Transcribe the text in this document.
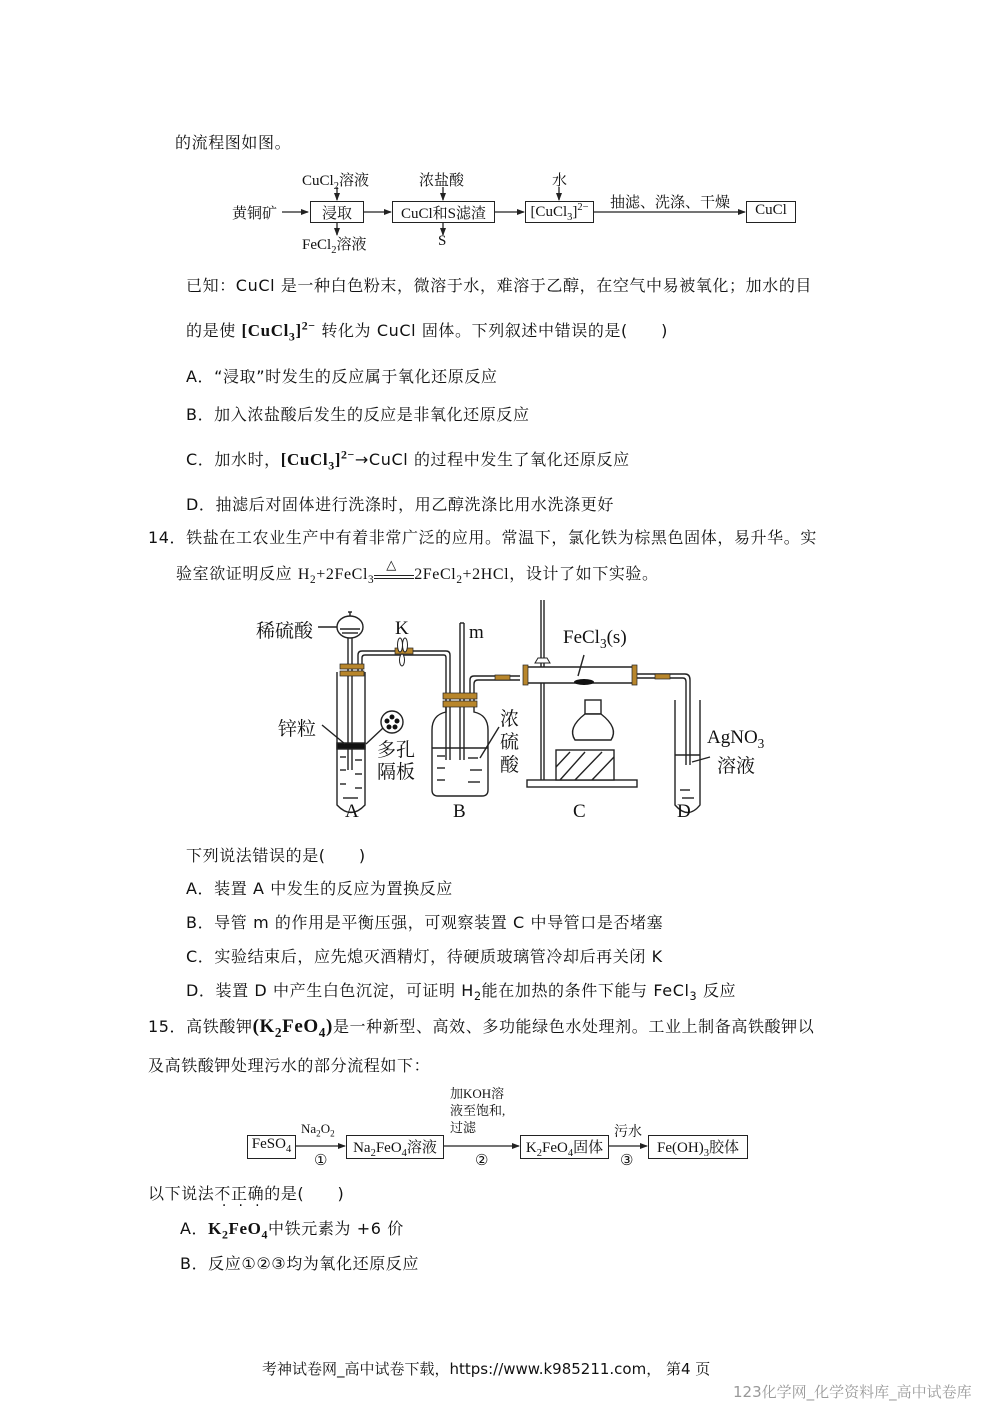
的流程图如图。
黄铜矿
CuCl$_2$溶液
浸取
FeCl$_2$溶液
浓盐酸
CuCl和S滤渣
S
水
[CuCl$_3$]$^{2-}$	抽滤、洗涤、干燥	CuCl
已知：CuCl 是一种白色粉末，微溶于水，难溶于乙醇，在空气中易被氧化；加水的目
的是使 [CuCl$_3$]$^{2-}$ 转化为 CuCl 固体。下列叙述中错误的是(　　)
A．“浸取”时发生的反应属于氧化还原反应
B．加入浓盐酸后发生的反应是非氧化还原反应
C．加水时，[CuCl$_3$]$^{2-}$→CuCl 的过程中发生了氧化还原反应
D．抽滤后对固体进行洗涤时，用乙醇洗涤比用水洗涤更好
14．铁盐在工农业生产中有着非常广泛的应用。常温下，氯化铁为棕黑色固体，易升华。实
验室欲证明反应 $H_2+2FeCl_3$
△
2FeCl$_2$+2HCl，设计了如下实验。
稀硫酸	K	m
锌粒
多孔
隔板
浓
硫
酸
FeCl$_3$(s)
AgNO$_3$
溶液
A	B	C	D
下列说法错误的是(　　)
A．装置 A 中发生的反应为置换反应
B．导管 m 的作用是平衡压强，可观察装置 C 中导管口是否堵塞
C．实验结束后，应先熄灭酒精灯，待硬质玻璃管冷却后再关闭 K
D．装置 D 中产生白色沉淀，可证明 $H_2$能在加热的条件下能与 FeCl$_3$ 反应
15．高铁酸钾$(K_2FeO_4)$是一种新型、高效、多功能绿色水处理剂。工业上制备高铁酸钾以
及高铁酸钾处理污水的部分流程如下：
FeSO$_4$
$Na_2O_2$
①
$Na_2FeO_4$溶液
加KOH溶
液至饱和,
过滤
②
$K_2FeO_4$固体
污水
③
$Fe(OH)_3$胶体
以下说法不正确的是(　　)
A．$K_2FeO_4$中铁元素为 +6 价
B．反应①②③均为氧化还原反应
考神试卷网_高中试卷下载，https://www.k985211.com， 第4 页
123化学网_化学资料库_高中试卷库
